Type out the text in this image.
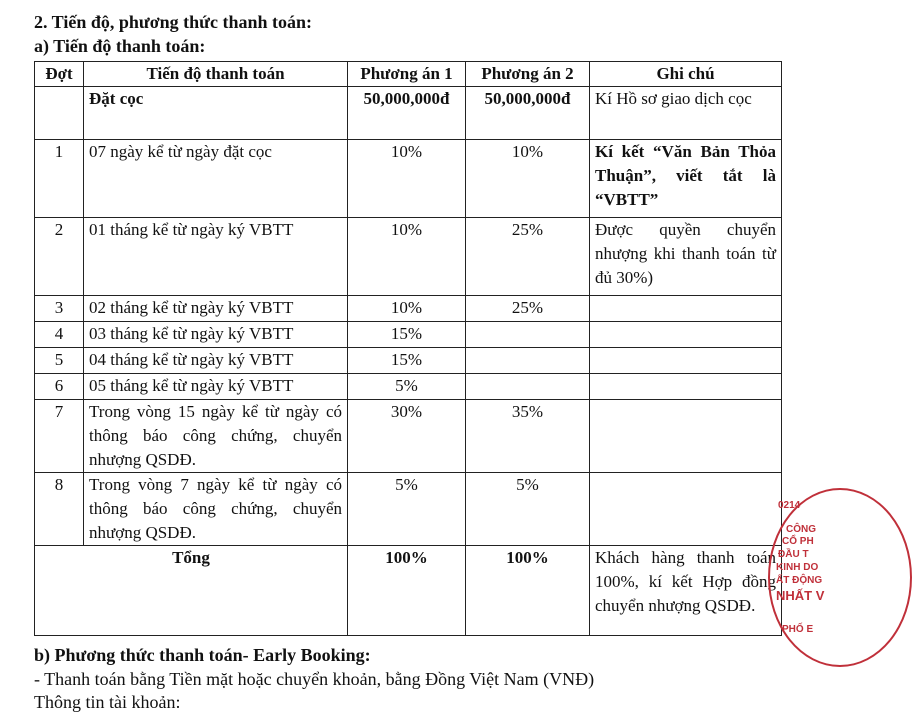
2. Tiến độ, phương thức thanh toán:
a) Tiến độ thanh toán:
Đợt	Tiến độ thanh toán	Phương án 1	Phương án 2	Ghi chú
	Đặt cọc	50,000,000đ	50,000,000đ	Kí Hồ sơ giao dịch cọc
1	07 ngày kể từ ngày đặt cọc	10%	10%	Kí kết “Văn Bản Thỏa Thuận”, viết tắt là “VBTT”
2	01 tháng kể từ ngày ký VBTT	10%	25%	Được quyền chuyển nhượng khi thanh toán từ đủ 30%)
3	02 tháng kể từ ngày ký VBTT	10%	25%	
4	03 tháng kể từ ngày ký VBTT	15%		
5	04 tháng kể từ ngày ký VBTT	15%		
6	05 tháng kể từ ngày ký VBTT	5%		
7	Trong vòng 15 ngày kể từ ngày có thông báo công chứng, chuyển nhượng QSDĐ.	30%	35%	
8	Trong vòng 7 ngày kể từ ngày có thông báo công chứng, chuyển nhượng QSDĐ.	5%	5%	
Tổng		100%	100%	Khách hàng thanh toán 100%, kí kết Hợp đồng chuyển nhượng QSDĐ.
0214
CÔNG
CỔ PH
ĐẦU T
KINH DO
ẤT ĐỘNG
NHẤT V
PHỐ E
b) Phương thức thanh toán- Early Booking:
- Thanh toán bằng Tiền mặt hoặc chuyển khoản, bằng Đồng Việt Nam (VNĐ)
Thông tin tài khoản:
